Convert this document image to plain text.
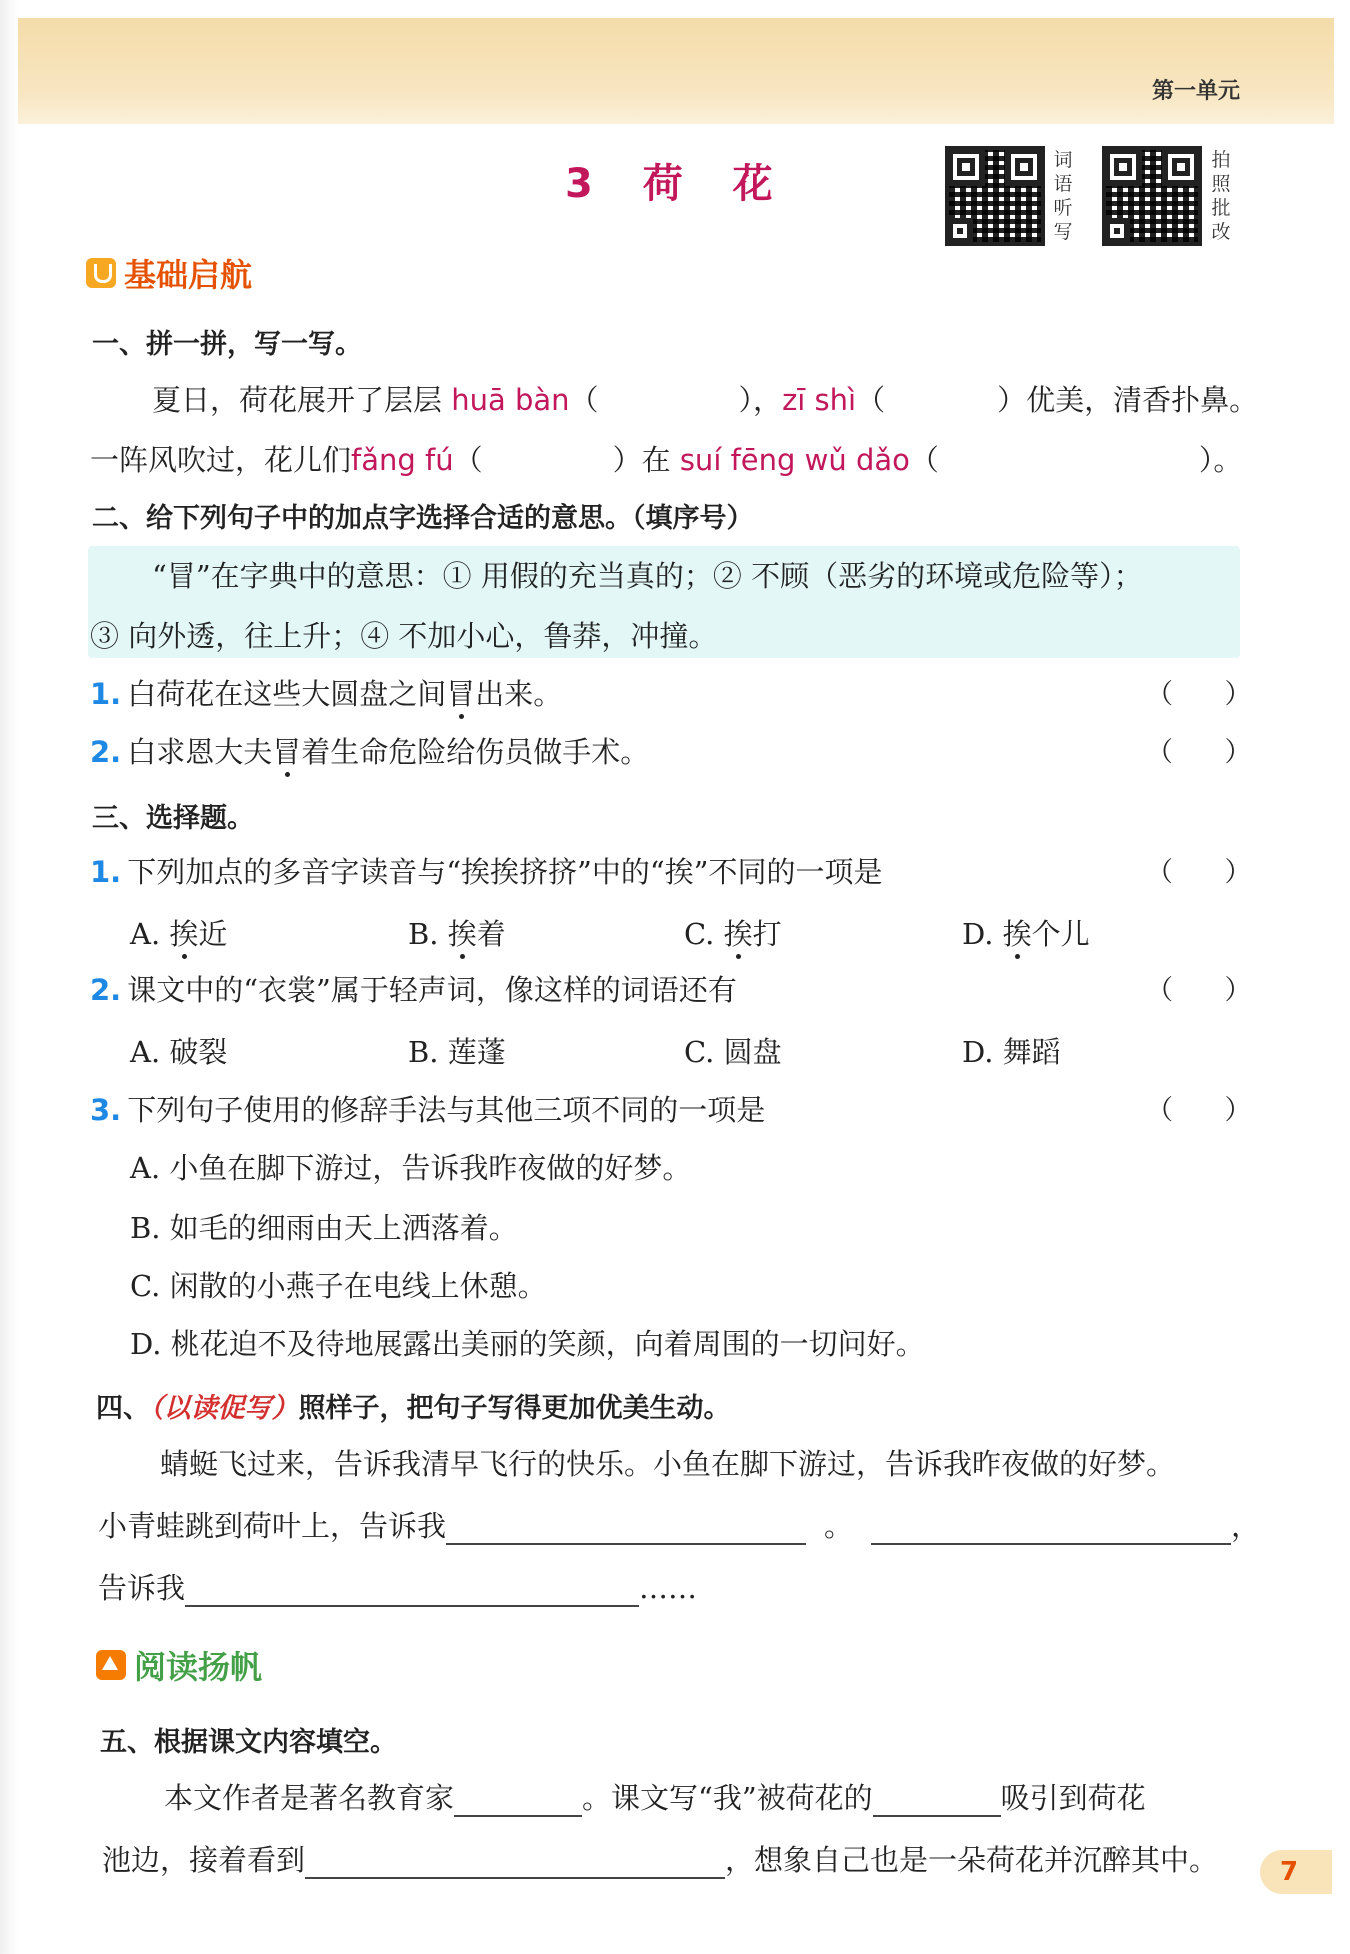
第一单元
3 荷 花
词语听写
拍照批改
基础启航
一、拼一拼，写一写。
夏日，荷花展开了层层 huā bàn（	），zī shì（	）优美，清香扑鼻。
一阵风吹过，花儿们fǎng fú（	）在 suí fēng wǔ dǎo（	）。
二、给下列句子中的加点字选择合适的意思。（填序号）
“冒”在字典中的意思：① 用假的充当真的；② 不顾（恶劣的环境或危险等）；
③ 向外透，往上升；④ 不加小心，鲁莽，冲撞。
1. 白荷花在这些大圆盘之间冒出来。	（      ）
2. 白求恩大夫冒着生命危险给伤员做手术。	（      ）
三、选择题。
1. 下列加点的多音字读音与“挨挨挤挤”中的“挨”不同的一项是	（      ）
A. 挨近	B. 挨着	C. 挨打	D. 挨个儿
2. 课文中的“衣裳”属于轻声词，像这样的词语还有	（      ）
A. 破裂	B. 莲蓬	C. 圆盘	D. 舞蹈
3. 下列句子使用的修辞手法与其他三项不同的一项是	（      ）
A. 小鱼在脚下游过，告诉我昨夜做的好梦。
B. 如毛的细雨由天上洒落着。
C. 闲散的小燕子在电线上休憩。
D. 桃花迫不及待地展露出美丽的笑颜，向着周围的一切问好。
四、（以读促写）照样子，把句子写得更加优美生动。
蜻蜓飞过来，告诉我清早飞行的快乐。小鱼在脚下游过，告诉我昨夜做的好梦。
小青蛙跳到荷叶上，告诉我	。	，
告诉我	……
阅读扬帆
五、根据课文内容填空。
本文作者是著名教育家	。课文写“我”被荷花的	吸引到荷花
池边，接着看到	，想象自己也是一朵荷花并沉醉其中。	7
